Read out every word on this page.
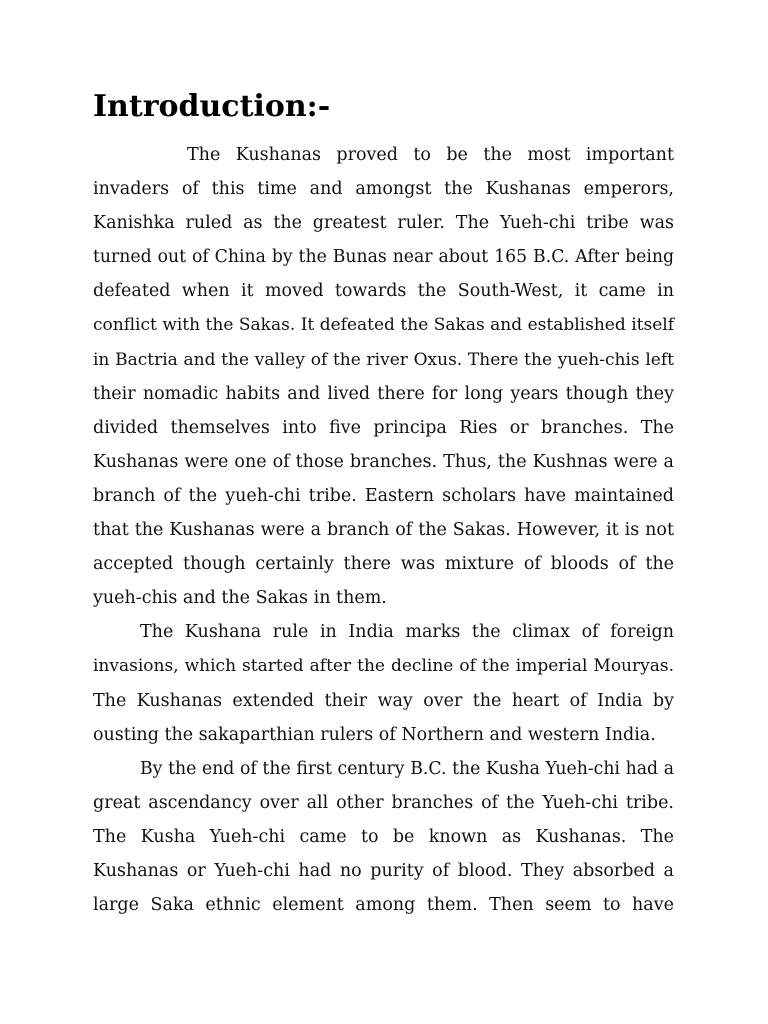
Introduction:-
The Kushanas proved to be the most important
invaders of this time and amongst the Kushanas emperors,
Kanishka ruled as the greatest ruler. The Yueh-chi tribe was
turned out of China by the Bunas near about 165 B.C. After being
defeated when it moved towards the South-West, it came in
conflict with the Sakas. It defeated the Sakas and established itself
in Bactria and the valley of the river Oxus. There the yueh-chis left
their nomadic habits and lived there for long years though they
divided themselves into five principa Ries or branches. The
Kushanas were one of those branches. Thus, the Kushnas were a
branch of the yueh-chi tribe. Eastern scholars have maintained
that the Kushanas were a branch of the Sakas. However, it is not
accepted though certainly there was mixture of bloods of the
yueh-chis and the Sakas in them.
The Kushana rule in India marks the climax of foreign
invasions, which started after the decline of the imperial Mouryas.
The Kushanas extended their way over the heart of India by
ousting the sakaparthian rulers of Northern and western India.
By the end of the first century B.C. the Kusha Yueh-chi had a
great ascendancy over all other branches of the Yueh-chi tribe.
The Kusha Yueh-chi came to be known as Kushanas. The
Kushanas or Yueh-chi had no purity of blood. They absorbed a
large Saka ethnic element among them. Then seem to have
